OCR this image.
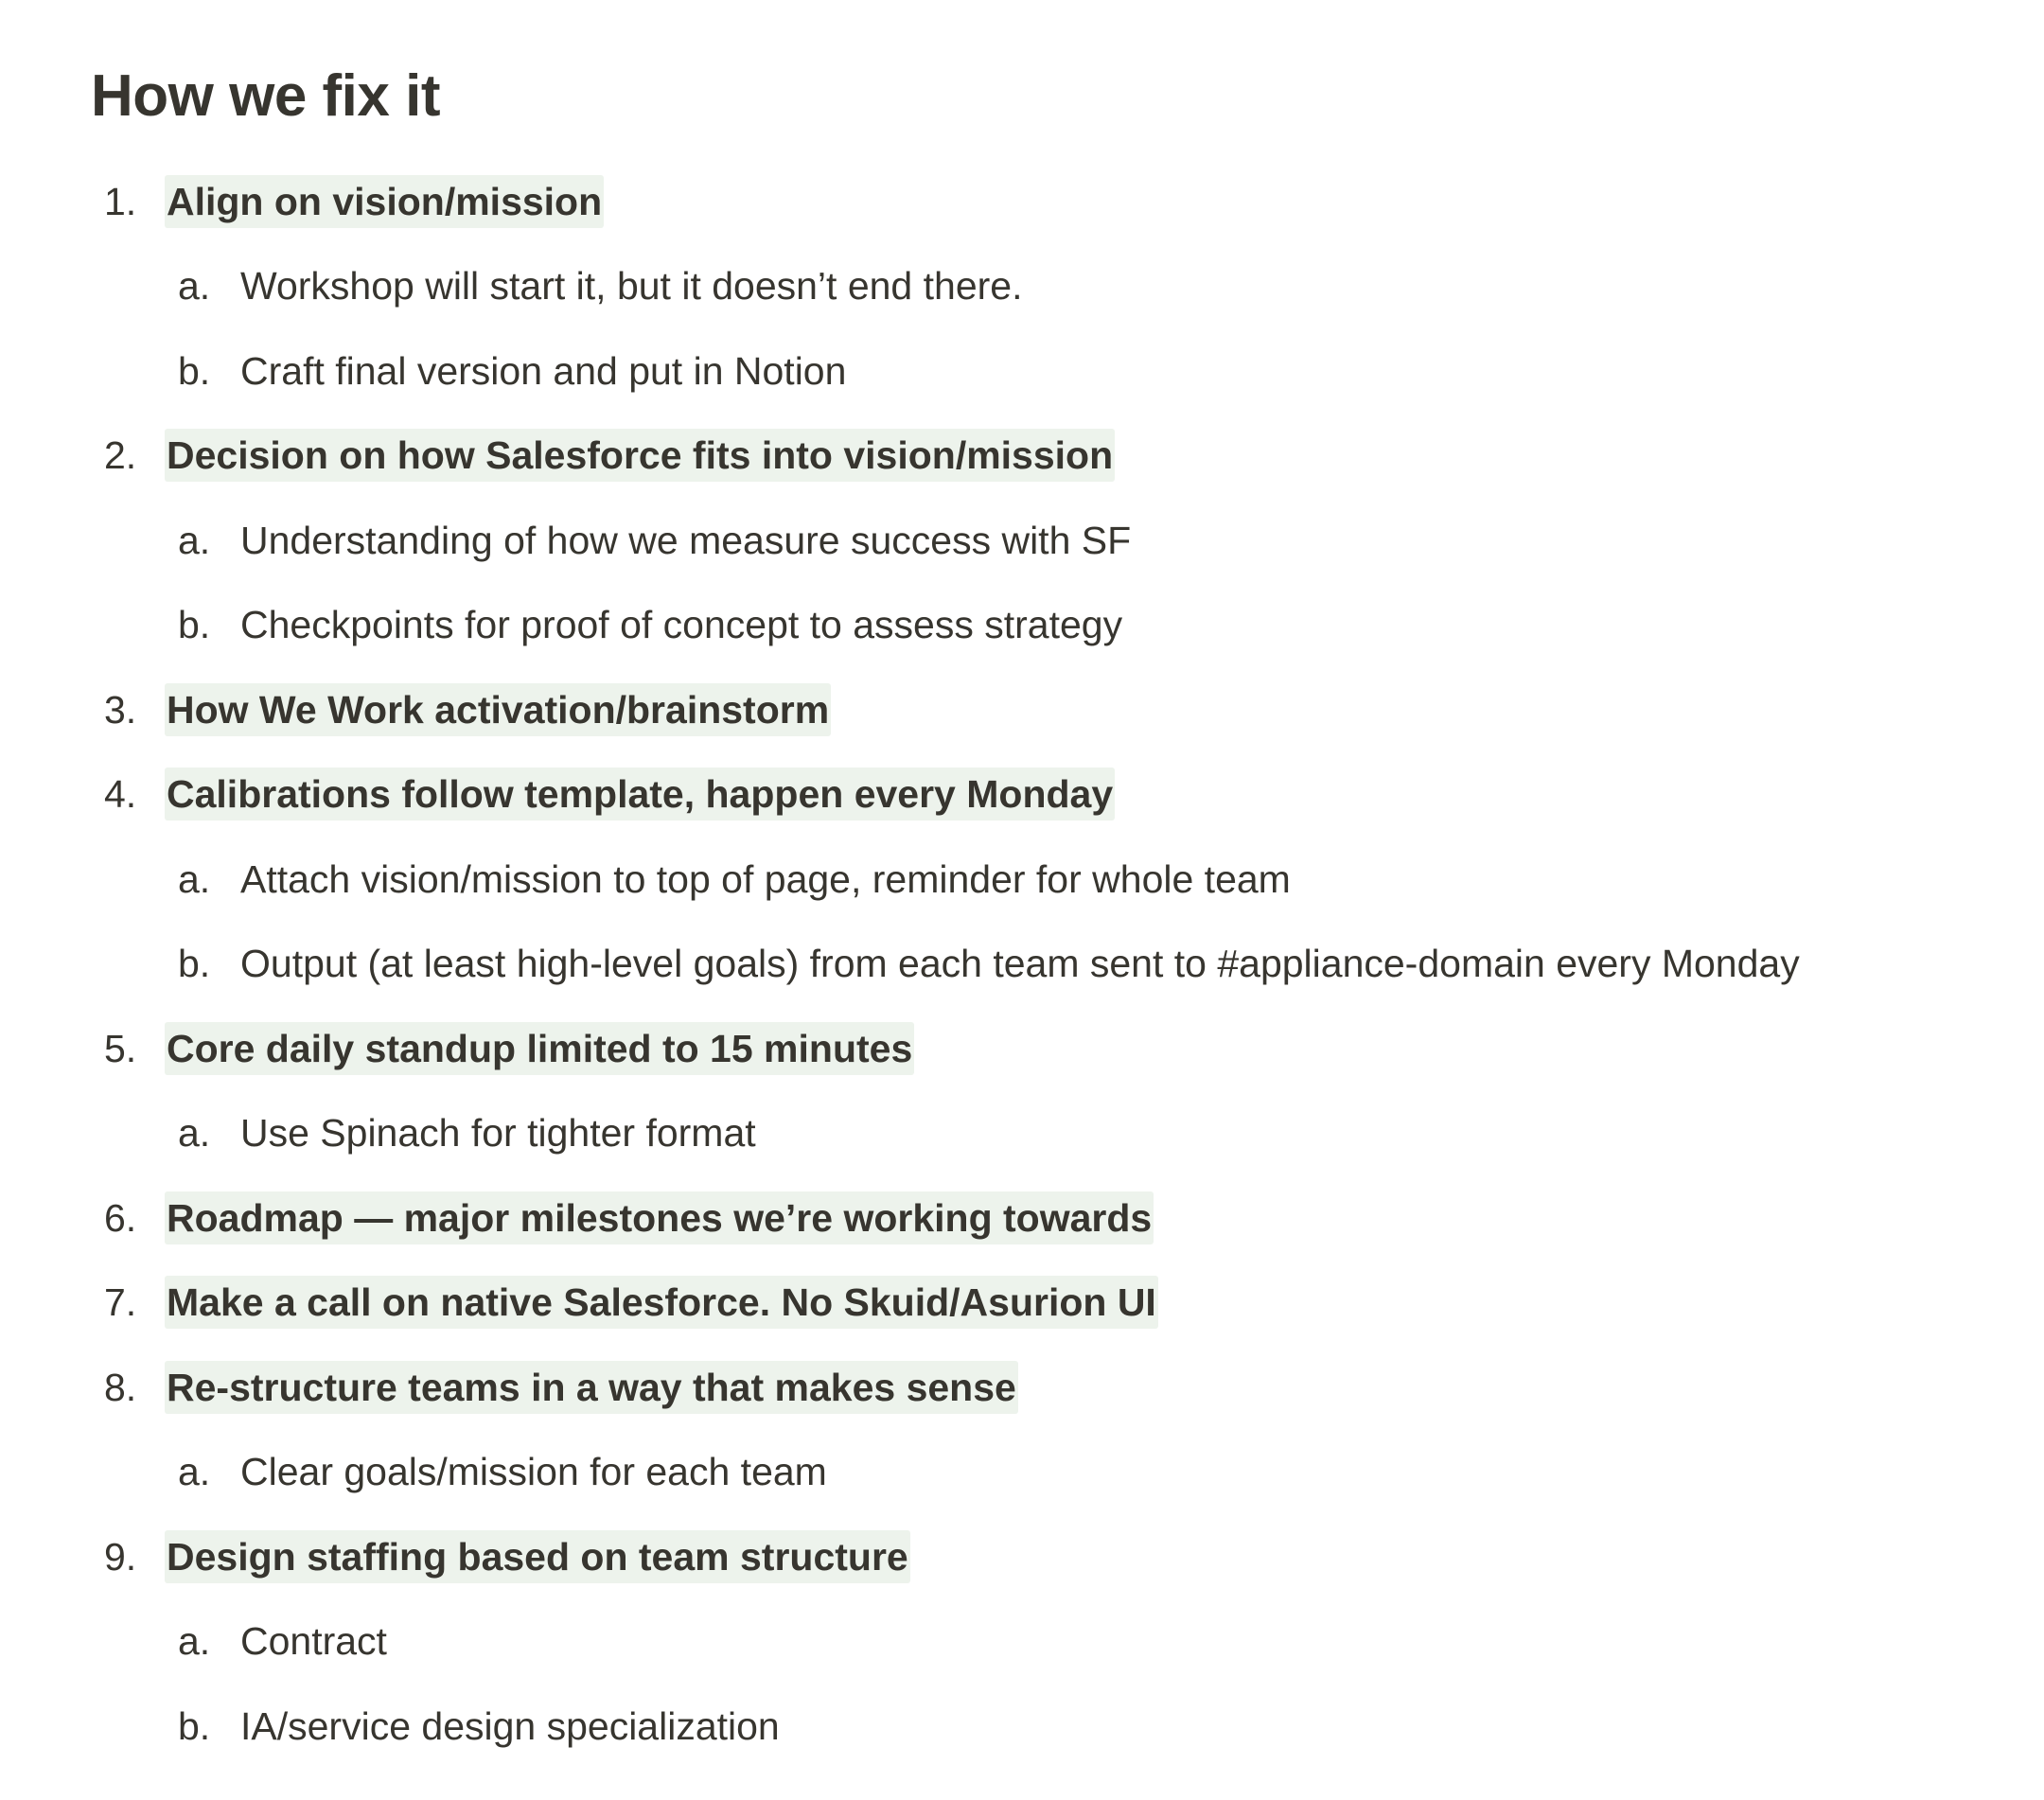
How we fix it
1. Align on vision/mission
a. Workshop will start it, but it doesn’t end there.
b. Craft final version and put in Notion
2. Decision on how Salesforce fits into vision/mission
a. Understanding of how we measure success with SF
b. Checkpoints for proof of concept to assess strategy
3. How We Work activation/brainstorm
4. Calibrations follow template, happen every Monday
a. Attach vision/mission to top of page, reminder for whole team
b. Output (at least high-level goals) from each team sent to #appliance-domain every Monday
5. Core daily standup limited to 15 minutes
a. Use Spinach for tighter format
6. Roadmap — major milestones we’re working towards
7. Make a call on native Salesforce. No Skuid/Asurion UI
8. Re-structure teams in a way that makes sense
a. Clear goals/mission for each team
9. Design staffing based on team structure
a. Contract
b. IA/service design specialization
